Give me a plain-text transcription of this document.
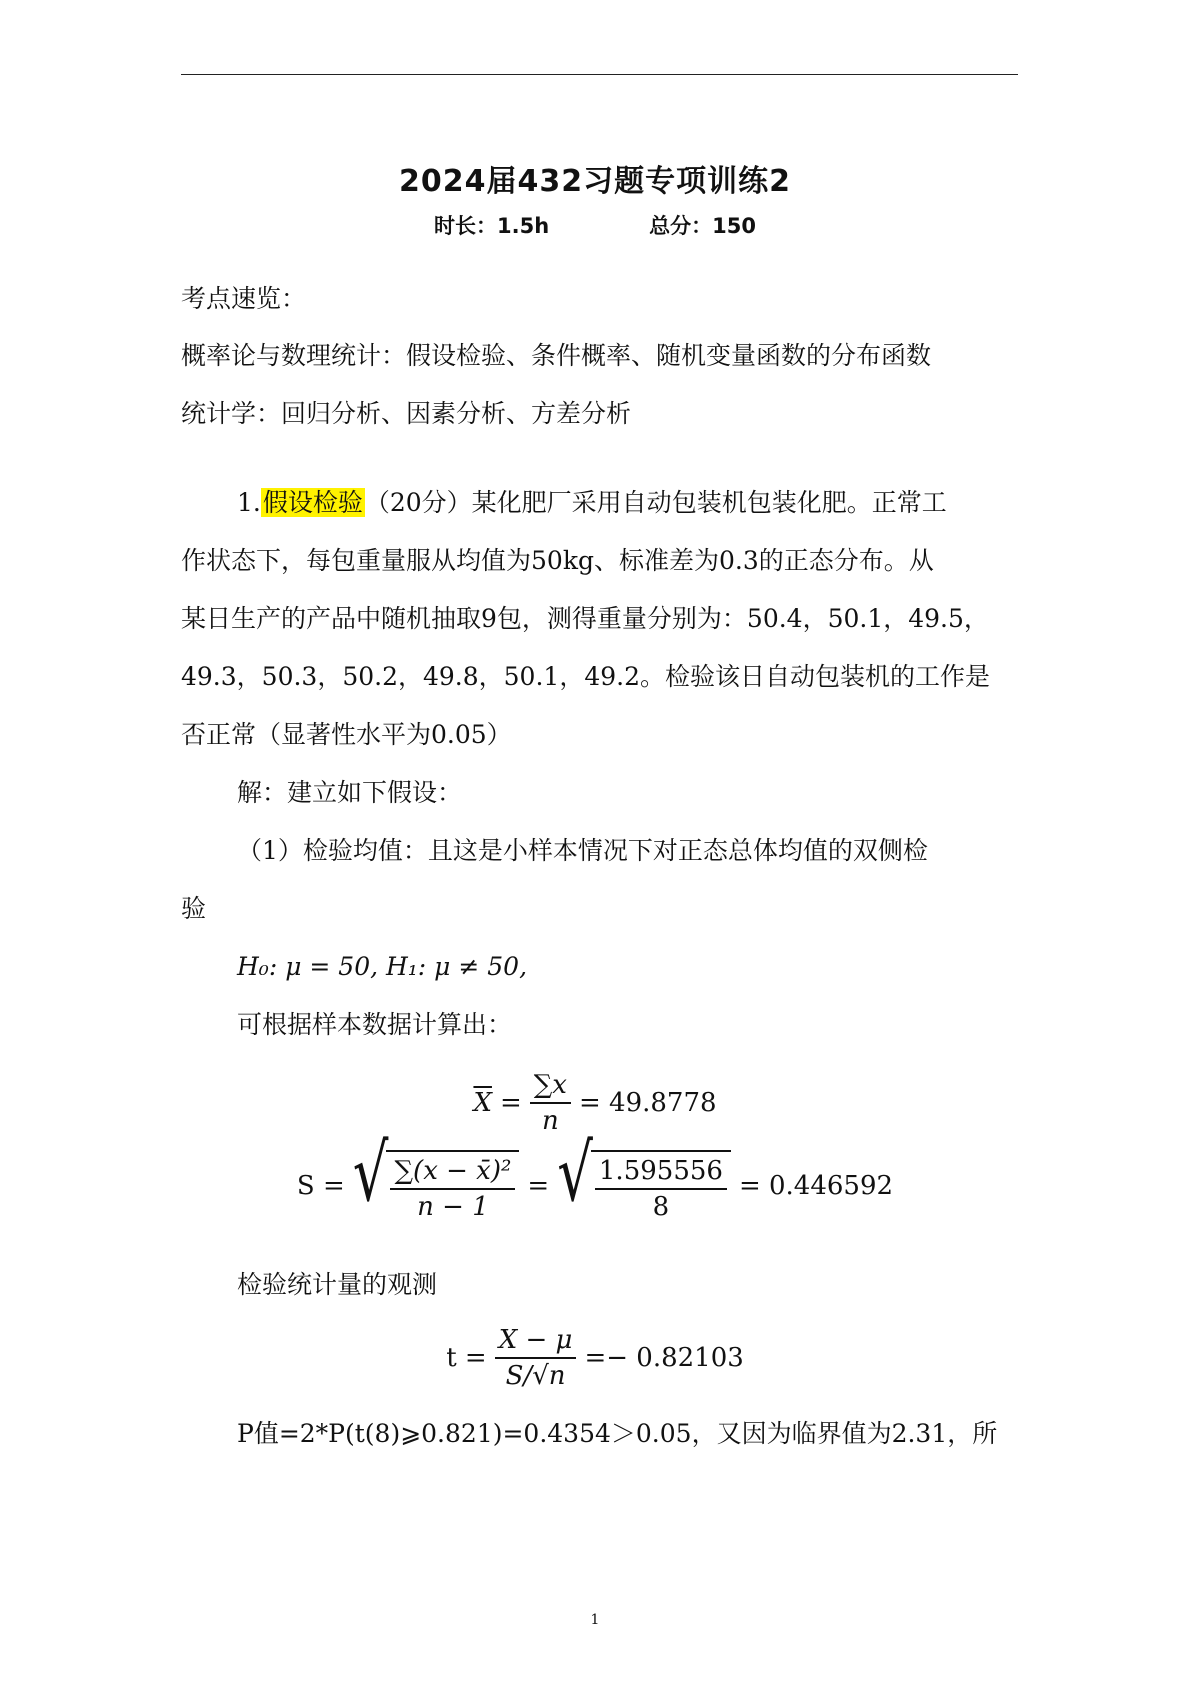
2024届432习题专项训练2
时长：1.5h	总分：150
考点速览：
概率论与数理统计：假设检验、条件概率、随机变量函数的分布函数
统计学：回归分析、因素分析、方差分析
1.假设检验（20分）某化肥厂采用自动包装机包装化肥。正常工
作状态下，每包重量服从均值为50kg、标准差为0.3的正态分布。从
某日生产的产品中随机抽取9包，测得重量分别为：50.4，50.1，49.5，
49.3，50.3，50.2，49.8，50.1，49.2。检验该日自动包装机的工作是
否正常（显著性水平为0.05）
解：建立如下假设：
（1）检验均值：且这是小样本情况下对正态总体均值的双侧检
验
H₀: μ = 50, H₁: μ ≠ 50,
可根据样本数据计算出：
$\overline{X} = \frac{\sum x}{n} = 49.8778$
S = √ $\frac{\text{∑(x − x̄)²}}{n - 1}$ = √ $\frac{1.595556}{8} = 0.446592$
检验统计量的观测
$t = \frac{X - \mu}{S/√n} =- 0.82103$
P值=2*P(t(8)⩾0.821)=0.4354＞0.05，又因为临界值为2.31，所
1
